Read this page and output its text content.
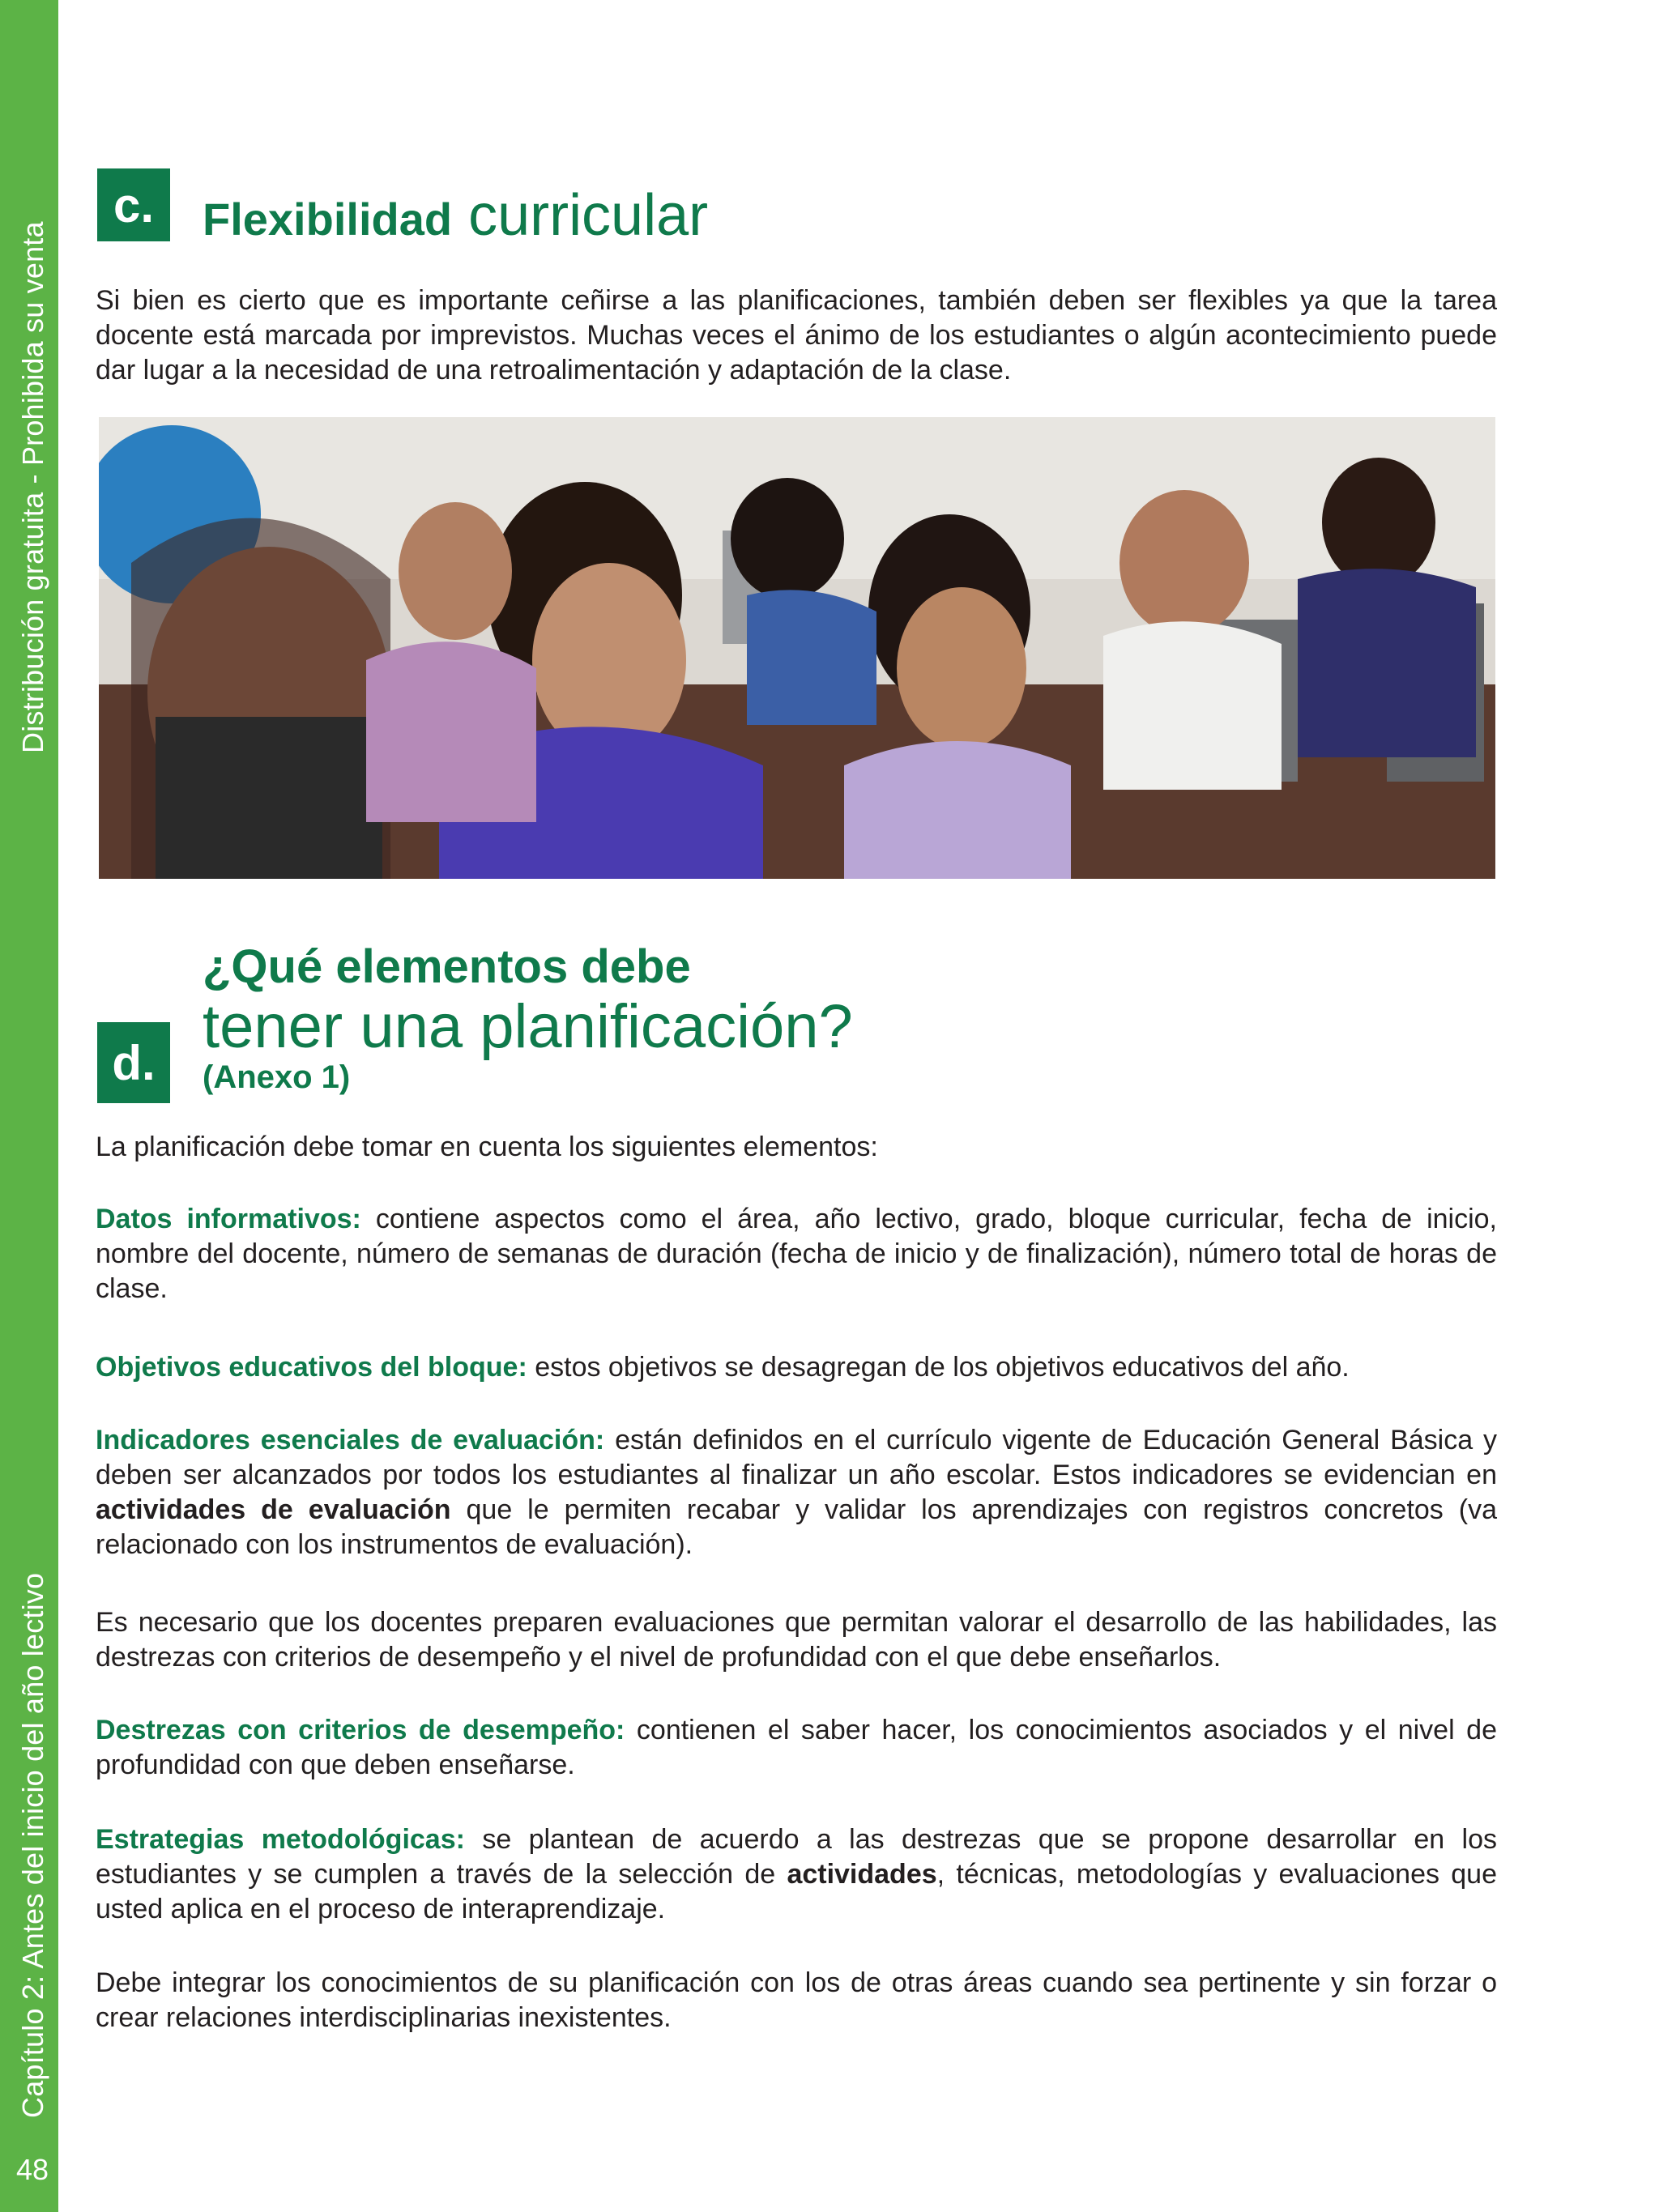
Distribución gratuita - Prohibida su venta
Capítulo 2: Antes del inicio del año lectivo
48
c.	Flexibilidad curricular
Si bien es cierto que es importante ceñirse a las planificaciones, también deben ser flexibles ya que la tarea docente está marcada por imprevistos. Muchas veces el ánimo de los estudiantes o algún acontecimiento puede dar lugar a la necesidad de una retroalimentación y adaptación de la clase.
¿Qué elementos debe
tener una planificación?
d.	(Anexo 1)
La planificación debe tomar en cuenta los siguientes elementos:
Datos informativos: contiene aspectos como el área, año lectivo, grado, bloque curricular, fecha de inicio, nombre del docente, número de semanas de duración (fecha de inicio y de finalización), número total de horas de clase.
Objetivos educativos del bloque: estos objetivos se desagregan de los objetivos educativos del año.
Indicadores esenciales de evaluación: están definidos en el currículo vigente de Educación General Básica y deben ser alcanzados por todos los estudiantes al finalizar un año escolar. Estos indicadores se evidencian en actividades de evaluación que le permiten recabar y validar los aprendizajes con registros concretos (va relacionado con los instrumentos de evaluación).
Es necesario que los docentes preparen evaluaciones que permitan valorar el desarrollo de las habilidades, las destrezas con criterios de desempeño y el nivel de profundidad con el que debe enseñarlos.
Destrezas con criterios de desempeño: contienen el saber hacer, los conocimientos asociados y el nivel de profundidad con que deben enseñarse.
Estrategias metodológicas: se plantean de acuerdo a las destrezas que se propone desarrollar en los estudiantes y se cumplen a través de la selección de actividades, técnicas, metodologías y evaluaciones que usted aplica en el proceso de interaprendizaje.
Debe integrar los conocimientos de su planificación con los de otras áreas cuando sea pertinente y sin forzar o crear relaciones interdisciplinarias inexistentes.
